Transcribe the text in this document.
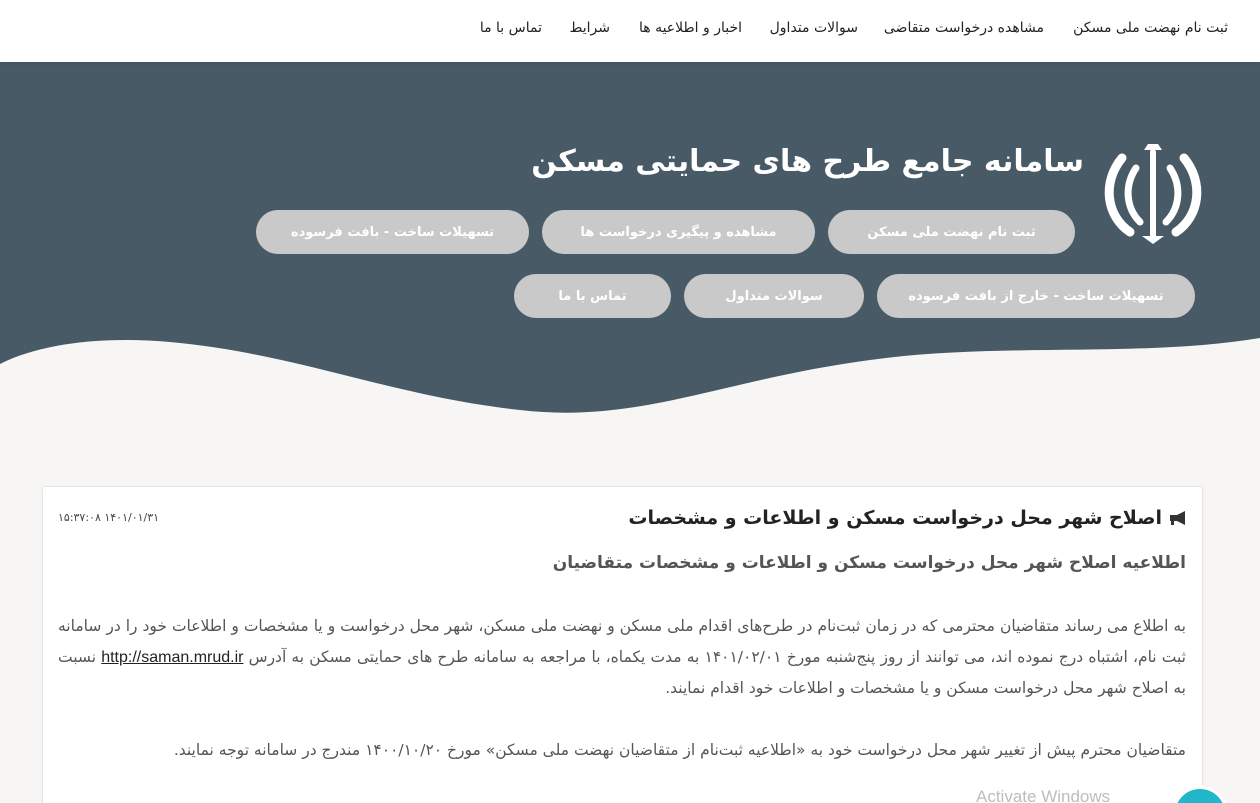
ثبت نام نهضت ملی مسکن
مشاهده درخواست متقاضی
سوالات متداول
اخبار و اطلاعیه ها
شرایط
تماس با ما
سامانه جامع طرح های حمایتی مسکن
ثبت نام نهضت ملی مسکن
مشاهده و پیگیری درخواست ها
تسهیلات ساخت - بافت فرسوده
تسهیلات ساخت - خارج از بافت فرسوده
سوالات متداول
تماس با ما
اصلاح شهر محل درخواست مسکن و اطلاعات و مشخصات
۱۵:۳۷:۰۸ ۱۴۰۱/۰۱/۳۱
اطلاعیه اصلاح شهر محل درخواست مسکن و اطلاعات و مشخصات متقاضیان

به اطلاع می رساند متقاضیان محترمی که در زمان ثبت‌نام در طرح‌های اقدام ملی مسکن و نهضت ملی مسکن، شهر محل درخواست و یا مشخصات و اطلاعات خود را در سامانه ثبت نام، اشتباه درج نموده اند، می توانند از روز پنج‌شنبه مورخ ۱۴۰۱/۰۲/۰۱ به مدت یکماه، با مراجعه به سامانه طرح های حمایتی مسکن به آدرس http://saman.mrud.ir نسبت به اصلاح شهر محل درخواست مسکن و یا مشخصات و اطلاعات خود اقدام نمایند.

متقاضیان محترم پیش از تغییر شهر محل درخواست خود به «اطلاعیه ثبت‌نام از متقاضیان نهضت ملی مسکن» مورخ ۱۴۰۰/۱۰/۲۰ مندرج در سامانه توجه نمایند.

Activate Windows
